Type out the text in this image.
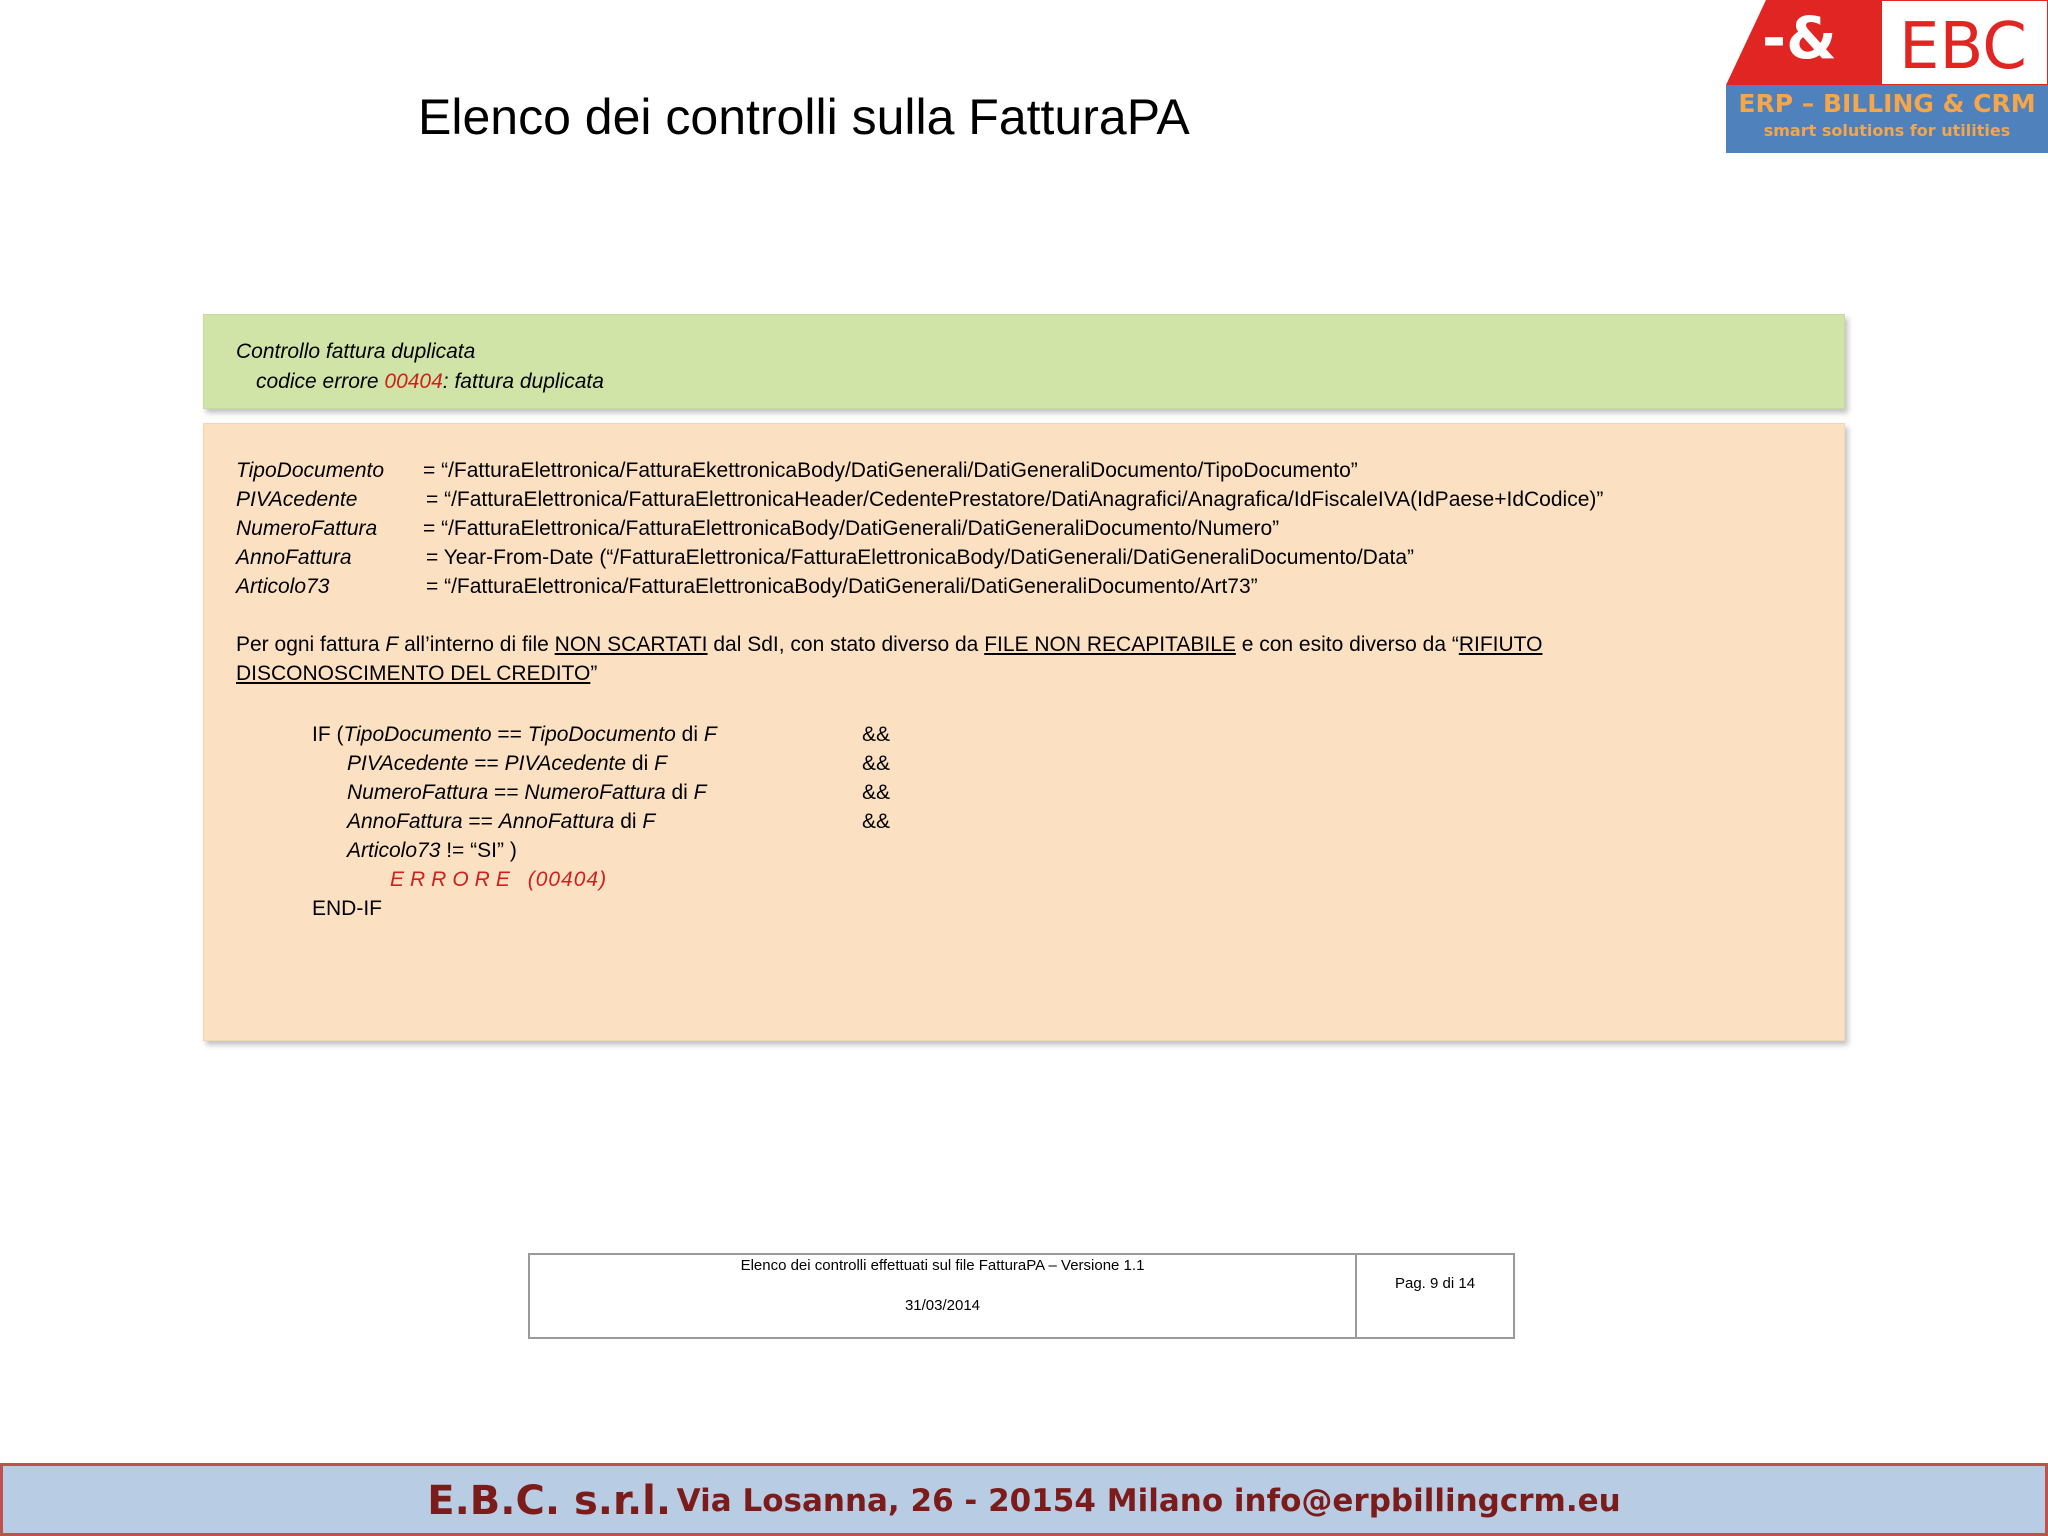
Elenco dei controlli sulla FatturaPA
-& EBC
ERP – BILLING & CRM
smart solutions for utilities
Controllo fattura duplicata
codice errore 00404: fattura duplicata
TipoDocumento = “/FatturaElettronica/FatturaEkettronicaBody/DatiGenerali/DatiGeneraliDocumento/TipoDocumento”
PIVAcedente	= “/FatturaElettronica/FatturaElettronicaHeader/CedentePrestatore/DatiAnagrafici/Anagrafica/IdFiscaleIVA(IdPaese+IdCodice)”
NumeroFattura = “/FatturaElettronica/FatturaElettronicaBody/DatiGenerali/DatiGeneraliDocumento/Numero”
AnnoFattura	= Year-From-Date (“/FatturaElettronica/FatturaElettronicaBody/DatiGenerali/DatiGeneraliDocumento/Data”
Articolo73	= “/FatturaElettronica/FatturaElettronicaBody/DatiGenerali/DatiGeneraliDocumento/Art73”
Per ogni fattura F all’interno di file NON SCARTATI dal SdI, con stato diverso da FILE NON RECAPITABILE e con esito diverso da “RIFIUTO
DISCONOSCIMENTO DEL CREDITO”
IF (TipoDocumento == TipoDocumento di F	&&
PIVAcedente == PIVAcedente di F	&&
NumeroFattura == NumeroFattura di F	&&
AnnoFattura == AnnoFattura di F	&&
Articolo73 != “SI” )
ERRORE (00404)
END-IF
Elenco dei controlli effettuati sul file FatturaPA – Versione 1.1
31/03/2014
Pag. 9 di 14
E.B.C. s.r.l. Via Losanna, 26 - 20154 Milano info@erpbillingcrm.eu
